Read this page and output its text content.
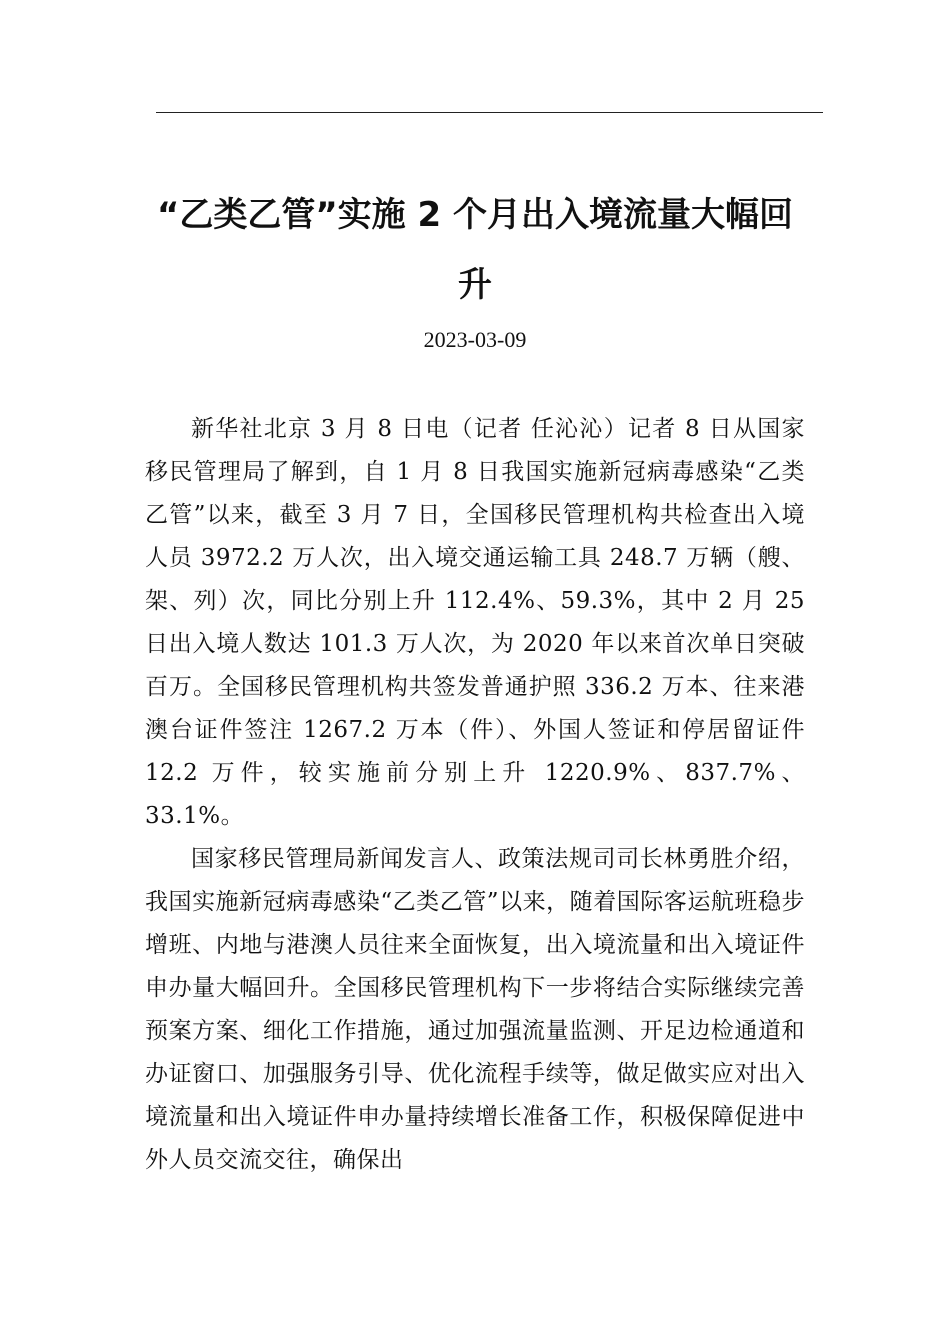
“乙类乙管”实施 2 个月出入境流量大幅回升
2023-03-09

新华社北京 3 月 8 日电（记者 任沁沁）记者 8 日从国家移民管理局了解到，自 1 月 8 日我国实施新冠病毒感染“乙类乙管”以来，截至 3 月 7 日，全国移民管理机构共检查出入境人员 3972.2 万人次，出入境交通运输工具 248.7 万辆（艘、架、列）次，同比分别上升 112.4%、59.3%，其中 2 月 25 日出入境人数达 101.3 万人次，为 2020 年以来首次单日突破百万。全国移民管理机构共签发普通护照 336.2 万本、往来港澳台证件签注 1267.2 万本（件）、外国人签证和停居留证件 12.2 万件，较实施前分别上升 1220.9%、837.7%、33.1%。

国家移民管理局新闻发言人、政策法规司司长林勇胜介绍，我国实施新冠病毒感染“乙类乙管”以来，随着国际客运航班稳步增班、内地与港澳人员往来全面恢复，出入境流量和出入境证件申办量大幅回升。全国移民管理机构下一步将结合实际继续完善预案方案、细化工作措施，通过加强流量监测、开足边检通道和办证窗口、加强服务引导、优化流程手续等，做足做实应对出入境流量和出入境证件申办量持续增长准备工作，积极保障促进中外人员交流交往，确保出
